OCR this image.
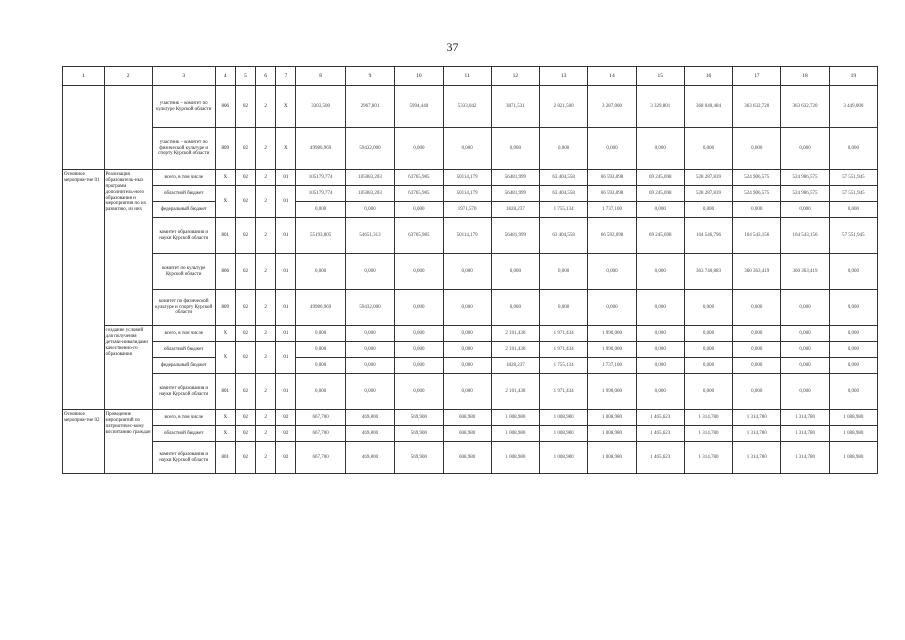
37
1	2	3	4	5	6	7	8	9	10	11	12	13	14	15	16	17	18	19
		участник – комитет по культуре Курской области	806	02	2	X	3303,500	2967,801	5994,440	5333,042	3871,531	2 821,500	3 287,000	3 329,801	368 040,484	363 632,720	363 632,720	3 449,000
		участник – комитет по физической культуре и спорту Курской области	809	02	2	X	49986,969	59432,000	0,000	0,000	0,000	0,000	0,000	0,000	0,000	0,000	0,000	0,000
Основное мероприя-тие 01	Реализация образователь-ных программ дополнитель-ного образования и мероприятия по их развитию, из них	всего, в том числе	X	02	2	01	105179,774	105083,203	63765,985	50114,179	56481,999	63 404,558	66 592,098	69 245,698	528 287,839	524 906,575	524 906,575	57 551,945
		областной бюджет	X	02	2	01	105179,774	105083,203	63765,985	50114,179	56481,999	63 404,558	66 592,098	69 245,698	528 287,839	524 906,575	524 906,575	57 551,945
		федеральный бюджет					0,000	0,000	0,000	1971,570	1828,237	1 755,134	1 737,100	0,000	0,000	0,000	0,000	0,000
		комитет образования и науки Курской области	801	02	2	01	55193,805	54651,313	63765,985	50114,179	56481,999	63 404,558	66 592,098	69 245,698	164 546,796	164 543,156	164 543,156	57 551,945
		комитет по культуре Курской области	806	02	2	01	0,000	0,000	0,000	0,000	0,000	0,000	0,000	0,000	363 740,883	360 363,419	360 363,419	0,000
		комитет по физической культуре и спорту Курской области	809	02	2	01	49986,969	59432,000	0,000	0,000	0,000	0,000	0,000	0,000	0,000	0,000	0,000	0,000
	создание условий для получения детьми-инвалидами качественно-го образования	всего, в том числе	X	02	2	01	0,000	0,000	0,000	0,000	2 101,430	1 971,434	1 990,000	0,000	0,000	0,000	0,000	0,000
		областной бюджет	X	02	2	01	0,000	0,000	0,000	0,000	2 101,430	1 971,434	1 990,000	0,000	0,000	0,000	0,000	0,000
		федеральный бюджет					0,000	0,000	0,000	0,000	1828,237	1 755,134	1 737,100	0,000	0,000	0,000	0,000	0,000
		комитет образования и науки Курской области	801	02	2	01	0,000	0,000	0,000	0,000	2 101,430	1 971,434	1 990,000	0,000	0,000	0,000	0,000	0,000
Основное мероприя-тие 02	Проведение мероприятий по патриотичес-кому воспитанию граждан	всего, в том числе	X	02	2	02	667,700	469,800	569,900	608,980	1 008,980	1 008,980	1 008,980	1 465,623	1 314,780	1 314,780	1 314,780	1 008,980
		областной бюджет	X	02	2	02	667,700	469,800	569,900	608,980	1 008,980	1 008,980	1 008,980	1 465,623	1 314,780	1 314,780	1 314,780	1 008,980
		комитет образования и науки Курской области	801	02	2	02	667,700	469,800	569,900	608,980	1 008,980	1 008,980	1 008,980	1 465,623	1 314,780	1 314,780	1 314,780	1 008,980
